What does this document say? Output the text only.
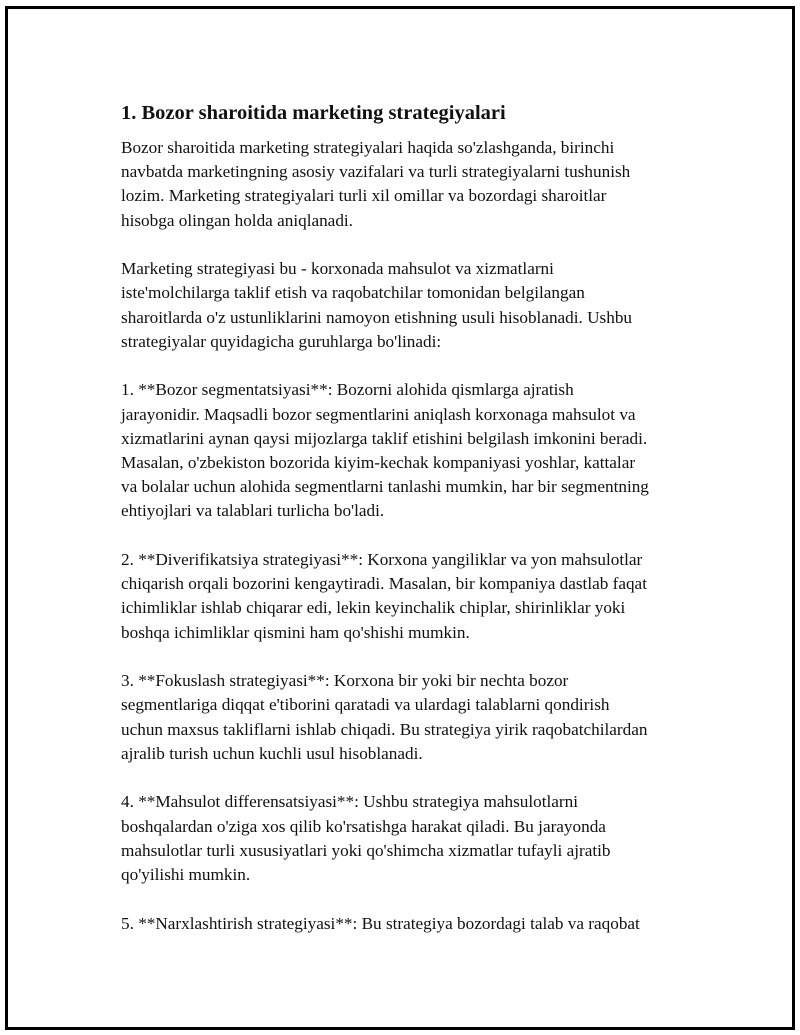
1. Bozor sharoitida marketing strategiyalari
Bozor sharoitida marketing strategiyalari haqida so'zlashganda, birinchi
navbatda marketingning asosiy vazifalari va turli strategiyalarni tushunish
lozim. Marketing strategiyalari turli xil omillar va bozordagi sharoitlar
hisobga olingan holda aniqlanadi.
Marketing strategiyasi bu - korxonada mahsulot va xizmatlarni
iste'molchilarga taklif etish va raqobatchilar tomonidan belgilangan
sharoitlarda o'z ustunliklarini namoyon etishning usuli hisoblanadi. Ushbu
strategiyalar quyidagicha guruhlarga bo'linadi:
1. **Bozor segmentatsiyasi**: Bozorni alohida qismlarga ajratish
jarayonidir. Maqsadli bozor segmentlarini aniqlash korxonaga mahsulot va
xizmatlarini aynan qaysi mijozlarga taklif etishini belgilash imkonini beradi.
Masalan, o'zbekiston bozorida kiyim-kechak kompaniyasi yoshlar, kattalar
va bolalar uchun alohida segmentlarni tanlashi mumkin, har bir segmentning
ehtiyojlari va talablari turlicha bo'ladi.
2. **Diverifikatsiya strategiyasi**: Korxona yangiliklar va yon mahsulotlar
chiqarish orqali bozorini kengaytiradi. Masalan, bir kompaniya dastlab faqat
ichimliklar ishlab chiqarar edi, lekin keyinchalik chiplar, shirinliklar yoki
boshqa ichimliklar qismini ham qo'shishi mumkin.
3. **Fokuslash strategiyasi**: Korxona bir yoki bir nechta bozor
segmentlariga diqqat e'tiborini qaratadi va ulardagi talablarni qondirish
uchun maxsus takliflarni ishlab chiqadi. Bu strategiya yirik raqobatchilardan
ajralib turish uchun kuchli usul hisoblanadi.
4. **Mahsulot differensatsiyasi**: Ushbu strategiya mahsulotlarni
boshqalardan o'ziga xos qilib ko'rsatishga harakat qiladi. Bu jarayonda
mahsulotlar turli xususiyatlari yoki qo'shimcha xizmatlar tufayli ajratib
qo'yilishi mumkin.
5. **Narxlashtirish strategiyasi**: Bu strategiya bozordagi talab va raqobat
